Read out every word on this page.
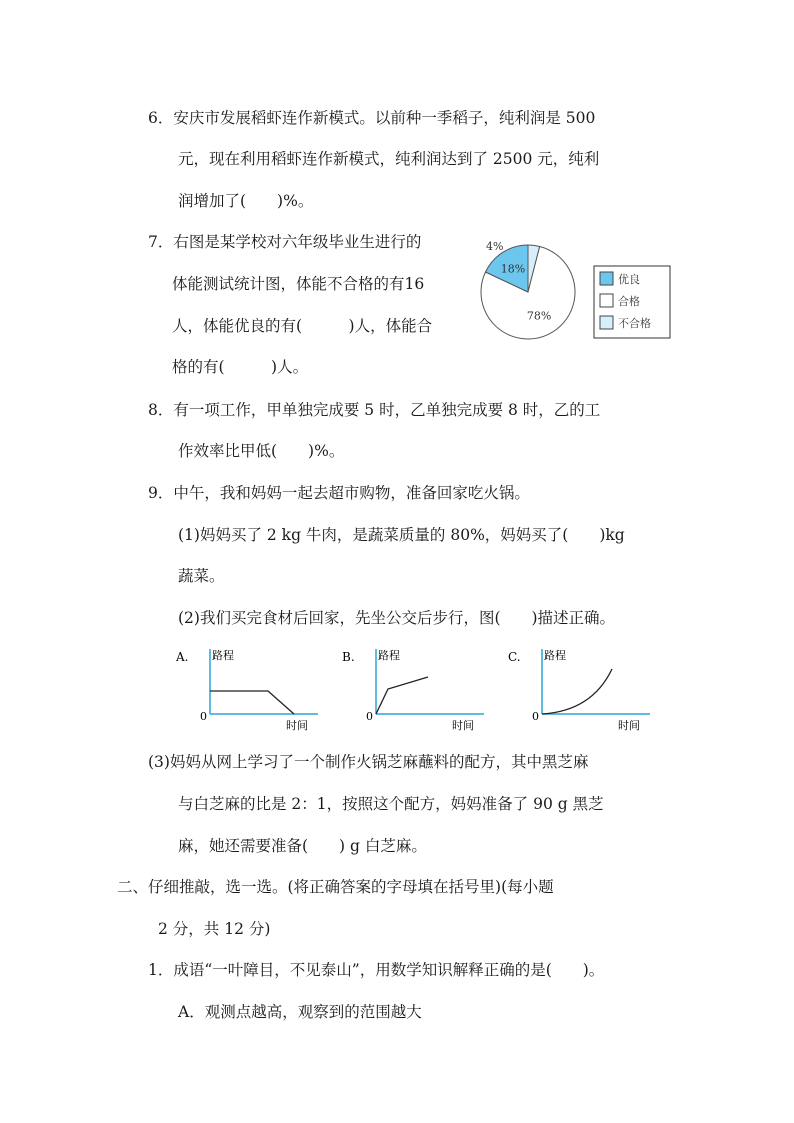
6．安庆市发展稻虾连作新模式。以前种一季稻子，纯利润是 500
元，现在利用稻虾连作新模式，纯利润达到了 2500 元，纯利
润增加了(　　)%。
7．右图是某学校对六年级毕业生进行的
体能测试统计图，体能不合格的有16
人，体能优良的有(　　　)人，体能合
格的有(　　　)人。
18%
78%
4%
优良
合格
不合格
8．有一项工作，甲单独完成要 5 时，乙单独完成要 8 时，乙的工
作效率比甲低(　　)%。
9．中午，我和妈妈一起去超市购物，准备回家吃火锅。
(1)妈妈买了 2 kg 牛肉，是蔬菜质量的 80%，妈妈买了(　　)kg
蔬菜。
(2)我们买完食材后回家，先坐公交后步行，图(　　)描述正确。
A. 路程
0
时间
B. 路程
0
时间
C. 路程
0
时间
(3)妈妈从网上学习了一个制作火锅芝麻蘸料的配方，其中黑芝麻
与白芝麻的比是 2：1，按照这个配方，妈妈准备了 90 g 黑芝
麻，她还需要准备(　　) g 白芝麻。
二、仔细推敲，选一选。(将正确答案的字母填在括号里)(每小题
2 分，共 12 分)
1．成语“一叶障目，不见泰山”，用数学知识解释正确的是(　　)。
A．观测点越高，观察到的范围越大
